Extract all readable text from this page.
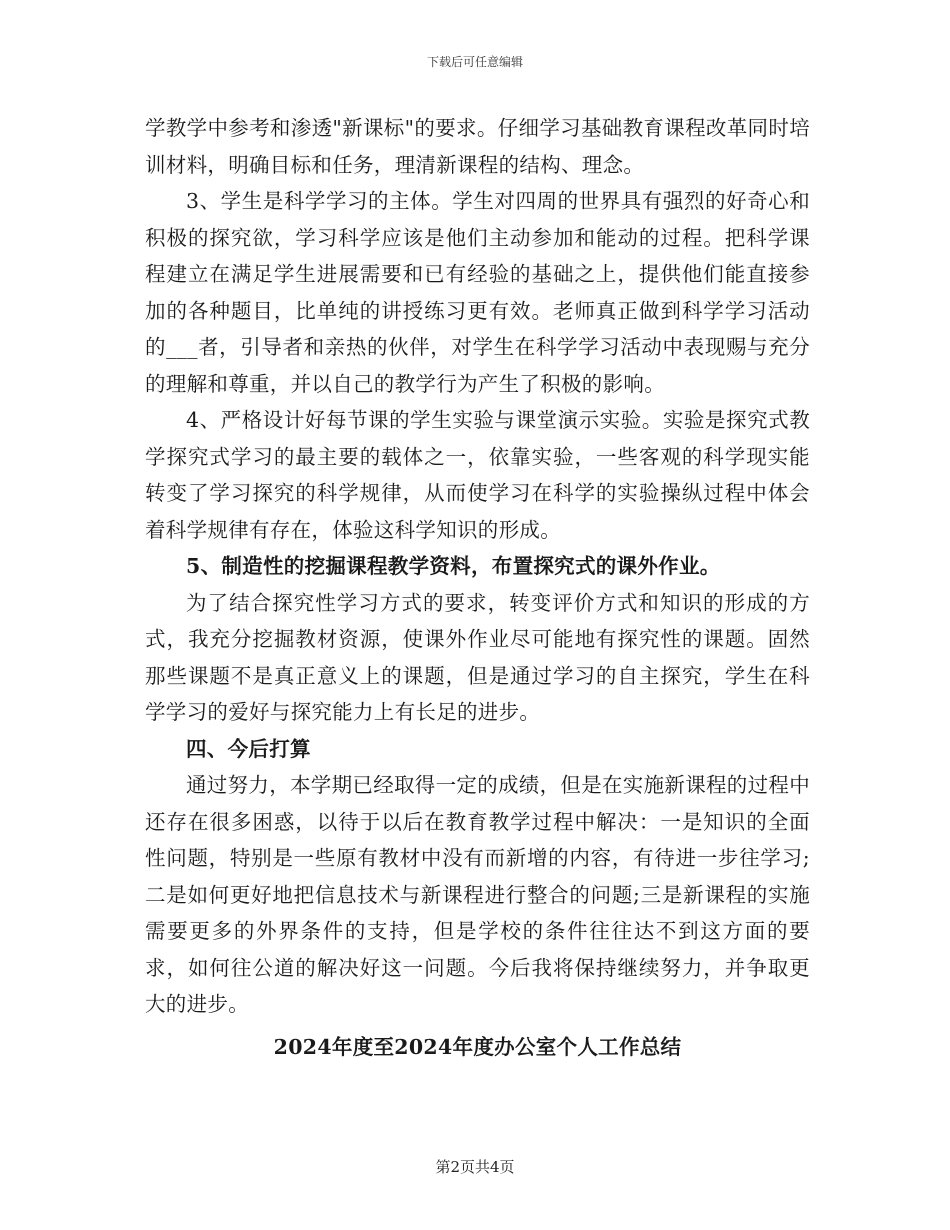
下载后可任意编辑

学教学中参考和渗透"新课标"的要求。仔细学习基础教育课程改革同时培训材料，明确目标和任务，理清新课程的结构、理念。

3、学生是科学学习的主体。学生对四周的世界具有强烈的好奇心和积极的探究欲，学习科学应该是他们主动参加和能动的过程。把科学课程建立在满足学生进展需要和已有经验的基础之上，提供他们能直接参加的各种题目，比单纯的讲授练习更有效。老师真正做到科学学习活动的___者，引导者和亲热的伙伴，对学生在科学学习活动中表现赐与充分的理解和尊重，并以自己的教学行为产生了积极的影响。

4、严格设计好每节课的学生实验与课堂演示实验。实验是探究式教学探究式学习的最主要的载体之一，依靠实验，一些客观的科学现实能转变了学习探究的科学规律，从而使学习在科学的实验操纵过程中体会着科学规律有存在，体验这科学知识的形成。

5、制造性的挖掘课程教学资料，布置探究式的课外作业。

为了结合探究性学习方式的要求，转变评价方式和知识的形成的方式，我充分挖掘教材资源，使课外作业尽可能地有探究性的课题。固然那些课题不是真正意义上的课题，但是通过学习的自主探究，学生在科学学习的爱好与探究能力上有长足的进步。

四、今后打算

通过努力，本学期已经取得一定的成绩，但是在实施新课程的过程中还存在很多困惑，以待于以后在教育教学过程中解决：一是知识的全面性问题，特别是一些原有教材中没有而新增的内容，有待进一步往学习;二是如何更好地把信息技术与新课程进行整合的问题;三是新课程的实施需要更多的外界条件的支持，但是学校的条件往往达不到这方面的要求，如何往公道的解决好这一问题。今后我将保持继续努力，并争取更大的进步。

2024年度至2024年度办公室个人工作总结

第2页共4页
